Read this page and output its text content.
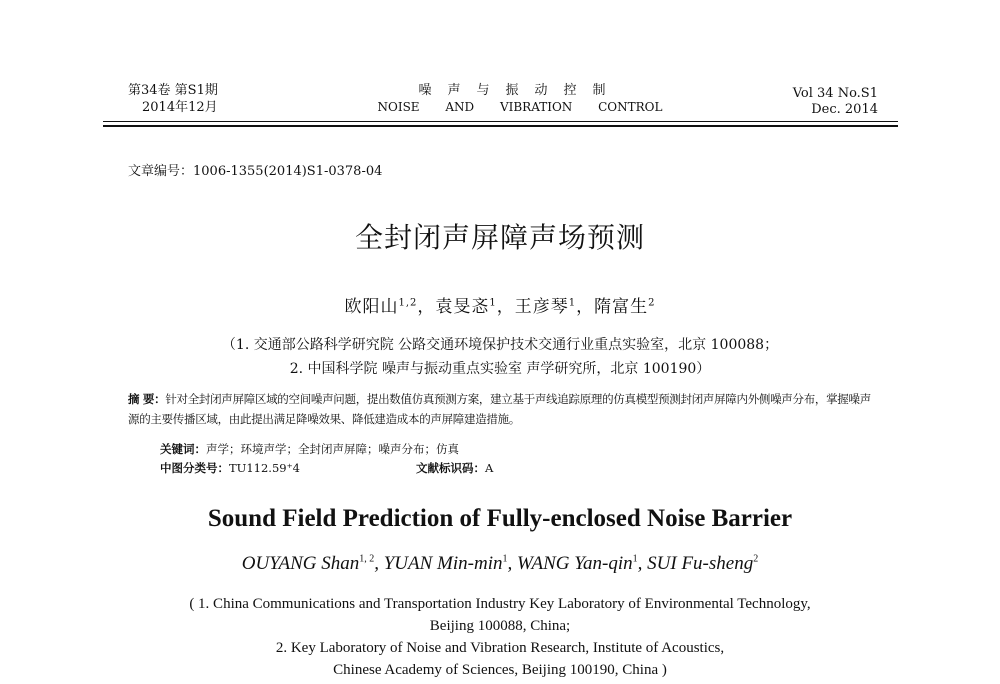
第34卷 第S1期
2014年12月
噪声与振动控制
NOISE AND VIBRATION CONTROL
Vol 34 No.S1
Dec. 2014
文章编号：1006-1355(2014)S1-0378-04
全封闭声屏障声场预测
欧阳山$^{1,2}$，袁旻忞$^1$，王彦琴$^1$，隋富生$^2$
（1. 交通部公路科学研究院 公路交通环境保护技术交通行业重点实验室，北京 100088；
2. 中国科学院 噪声与振动重点实验室 声学研究所，北京 100190）
摘 要：针对全封闭声屏障区域的空间噪声问题，提出数值仿真预测方案，建立基于声线追踪原理的仿真模型预测封闭声屏障内外侧噪声分布，掌握噪声源的主要传播区域，由此提出满足降噪效果、降低建造成本的声屏障建造措施。
关键词：声学；环境声学；全封闭声屏障；噪声分布；仿真
中图分类号：TU112.59⁺4	文献标识码：A
Sound Field Prediction of Fully-enclosed Noise Barrier
OUYANG Shan$^{1, 2}$, YUAN Min-$\min^1$, WANG Yan-qin$^1$, SUI Fu-sheng$^2$
( 1. China Communications and Transportation Industry Key Laboratory of Environmental Technology,
Beijing 100088, China;
2. Key Laboratory of Noise and Vibration Research, Institute of Acoustics,
Chinese Academy of Sciences, Beijing 100190, China )
